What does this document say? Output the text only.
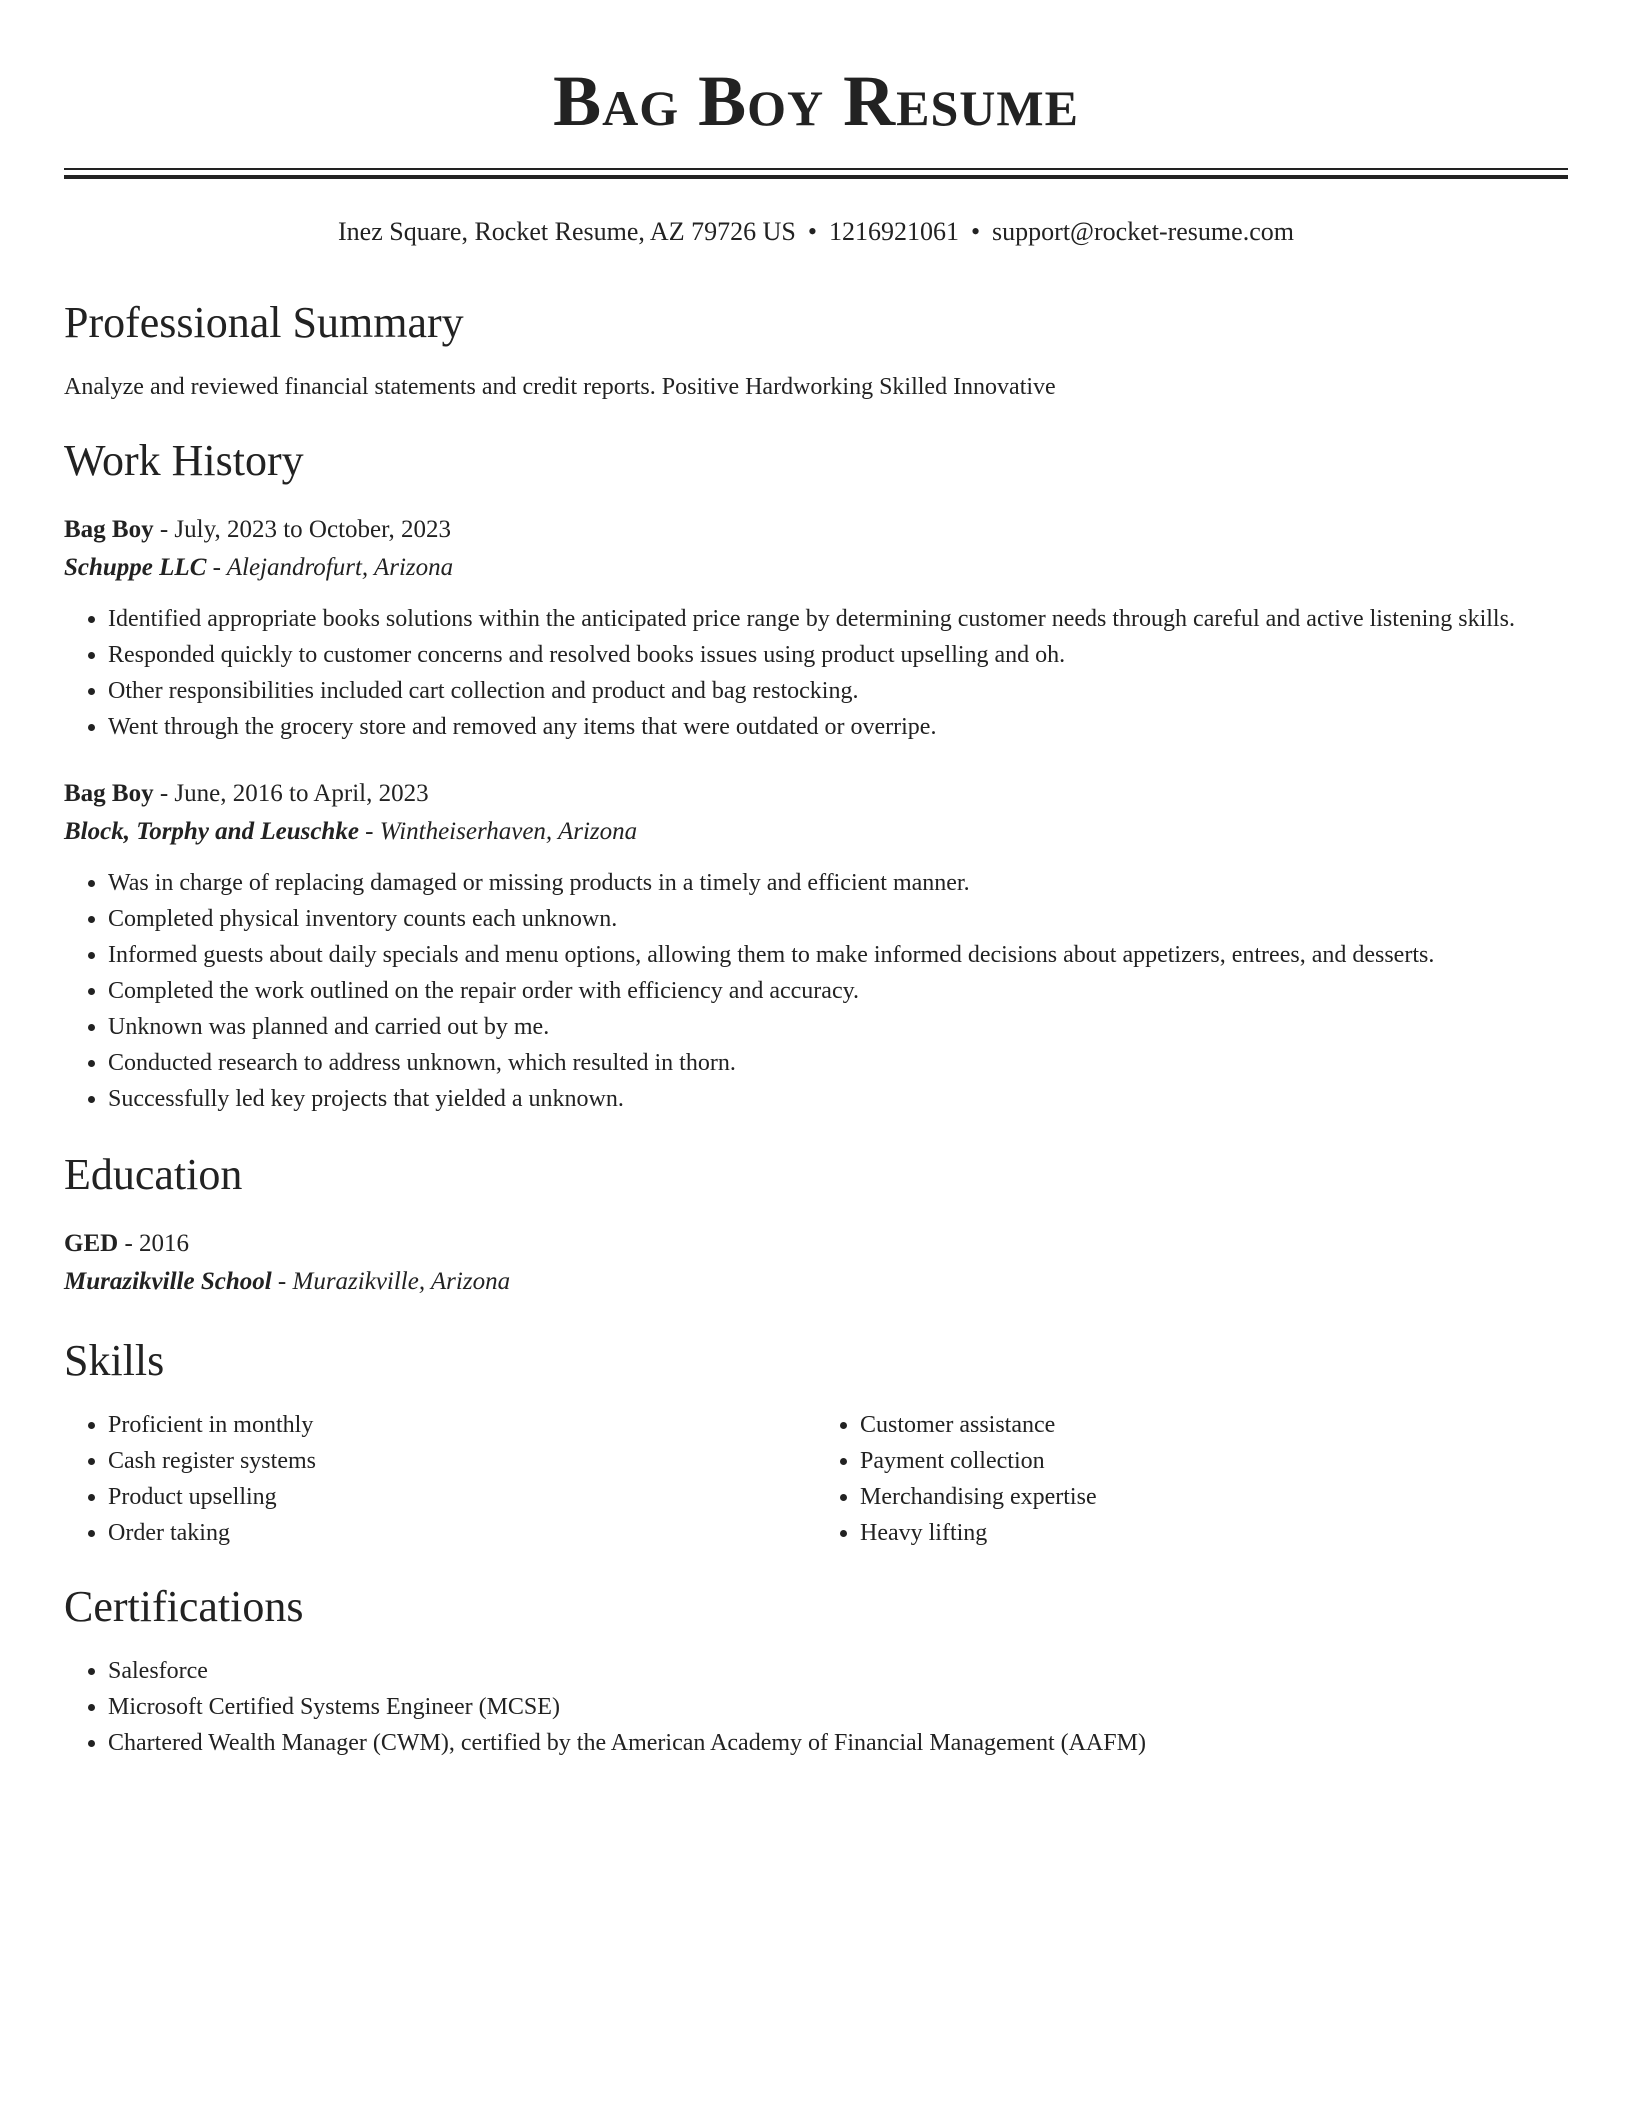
Bag Boy Resume
Inez Square, Rocket Resume, AZ 79726 US • 1216921061 • support@rocket-resume.com
Professional Summary
Analyze and reviewed financial statements and credit reports. Positive Hardworking Skilled Innovative
Work History
Bag Boy - July, 2023 to October, 2023
Schuppe LLC - Alejandrofurt, Arizona
• Identified appropriate books solutions within the anticipated price range by determining customer needs through careful and active listening skills.
• Responded quickly to customer concerns and resolved books issues using product upselling and oh.
• Other responsibilities included cart collection and product and bag restocking.
• Went through the grocery store and removed any items that were outdated or overripe.
Bag Boy - June, 2016 to April, 2023
Block, Torphy and Leuschke - Wintheiserhaven, Arizona
• Was in charge of replacing damaged or missing products in a timely and efficient manner.
• Completed physical inventory counts each unknown.
• Informed guests about daily specials and menu options, allowing them to make informed decisions about appetizers, entrees, and desserts.
• Completed the work outlined on the repair order with efficiency and accuracy.
• Unknown was planned and carried out by me.
• Conducted research to address unknown, which resulted in thorn.
• Successfully led key projects that yielded a unknown.
Education
GED - 2016
Murazikville School - Murazikville, Arizona
Skills
• Proficient in monthly
• Cash register systems
• Product upselling
• Order taking
• Customer assistance
• Payment collection
• Merchandising expertise
• Heavy lifting
Certifications
• Salesforce
• Microsoft Certified Systems Engineer (MCSE)
• Chartered Wealth Manager (CWM), certified by the American Academy of Financial Management (AAFM)
